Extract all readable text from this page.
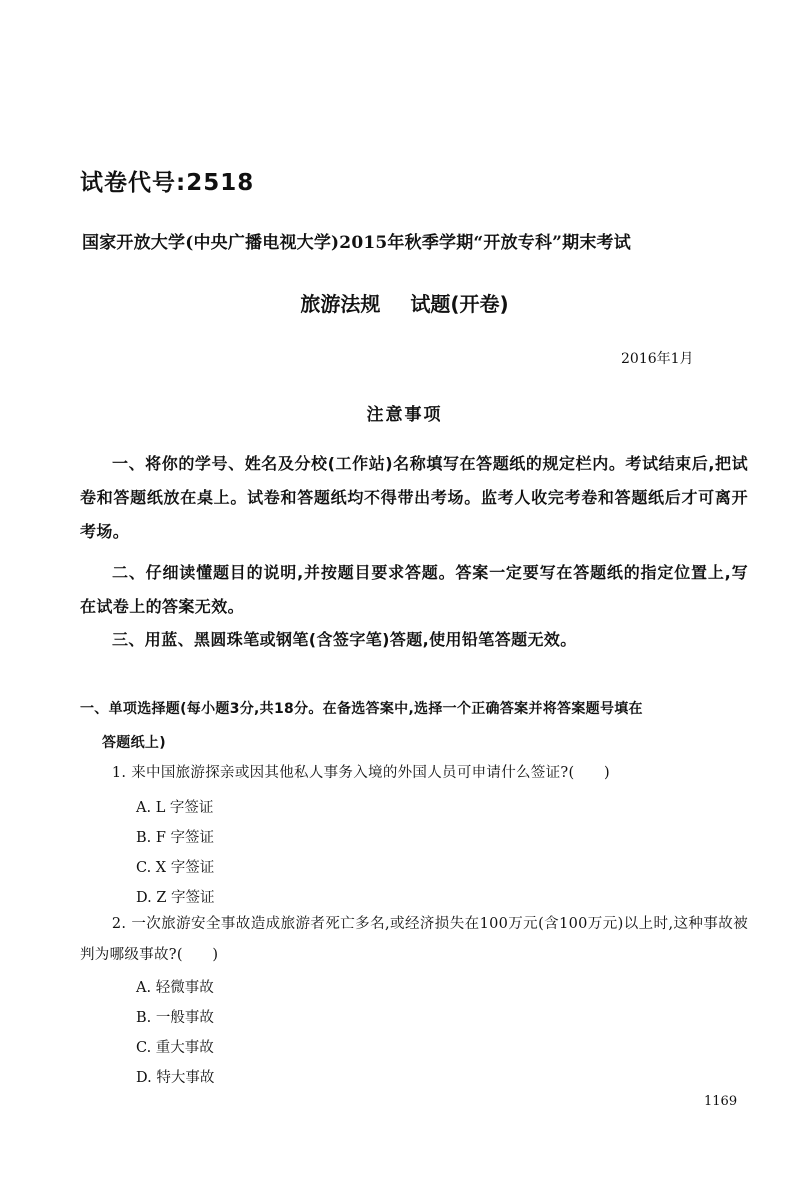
试卷代号:2518
国家开放大学(中央广播电视大学)2015年秋季学期“开放专科”期末考试
旅游法规 试题(开卷)
2016年1月
注意事项
一、将你的学号、姓名及分校(工作站)名称填写在答题纸的规定栏内。考试结束后,把试卷和答题纸放在桌上。试卷和答题纸均不得带出考场。监考人收完考卷和答题纸后才可离开考场。
二、仔细读懂题目的说明,并按题目要求答题。答案一定要写在答题纸的指定位置上,写在试卷上的答案无效。
三、用蓝、黑圆珠笔或钢笔(含签字笔)答题,使用铅笔答题无效。
一、单项选择题(每小题3分,共18分。在备选答案中,选择一个正确答案并将答案题号填在
答题纸上)
1. 来中国旅游探亲或因其他私人事务入境的外国人员可申请什么签证?(　　)
A. L 字签证
B. F 字签证
C. X 字签证
D. Z 字签证
2. 一次旅游安全事故造成旅游者死亡多名,或经济损失在100万元(含100万元)以上时,这种事故被判为哪级事故?(　　)
A. 轻微事故
B. 一般事故
C. 重大事故
D. 特大事故
1169
